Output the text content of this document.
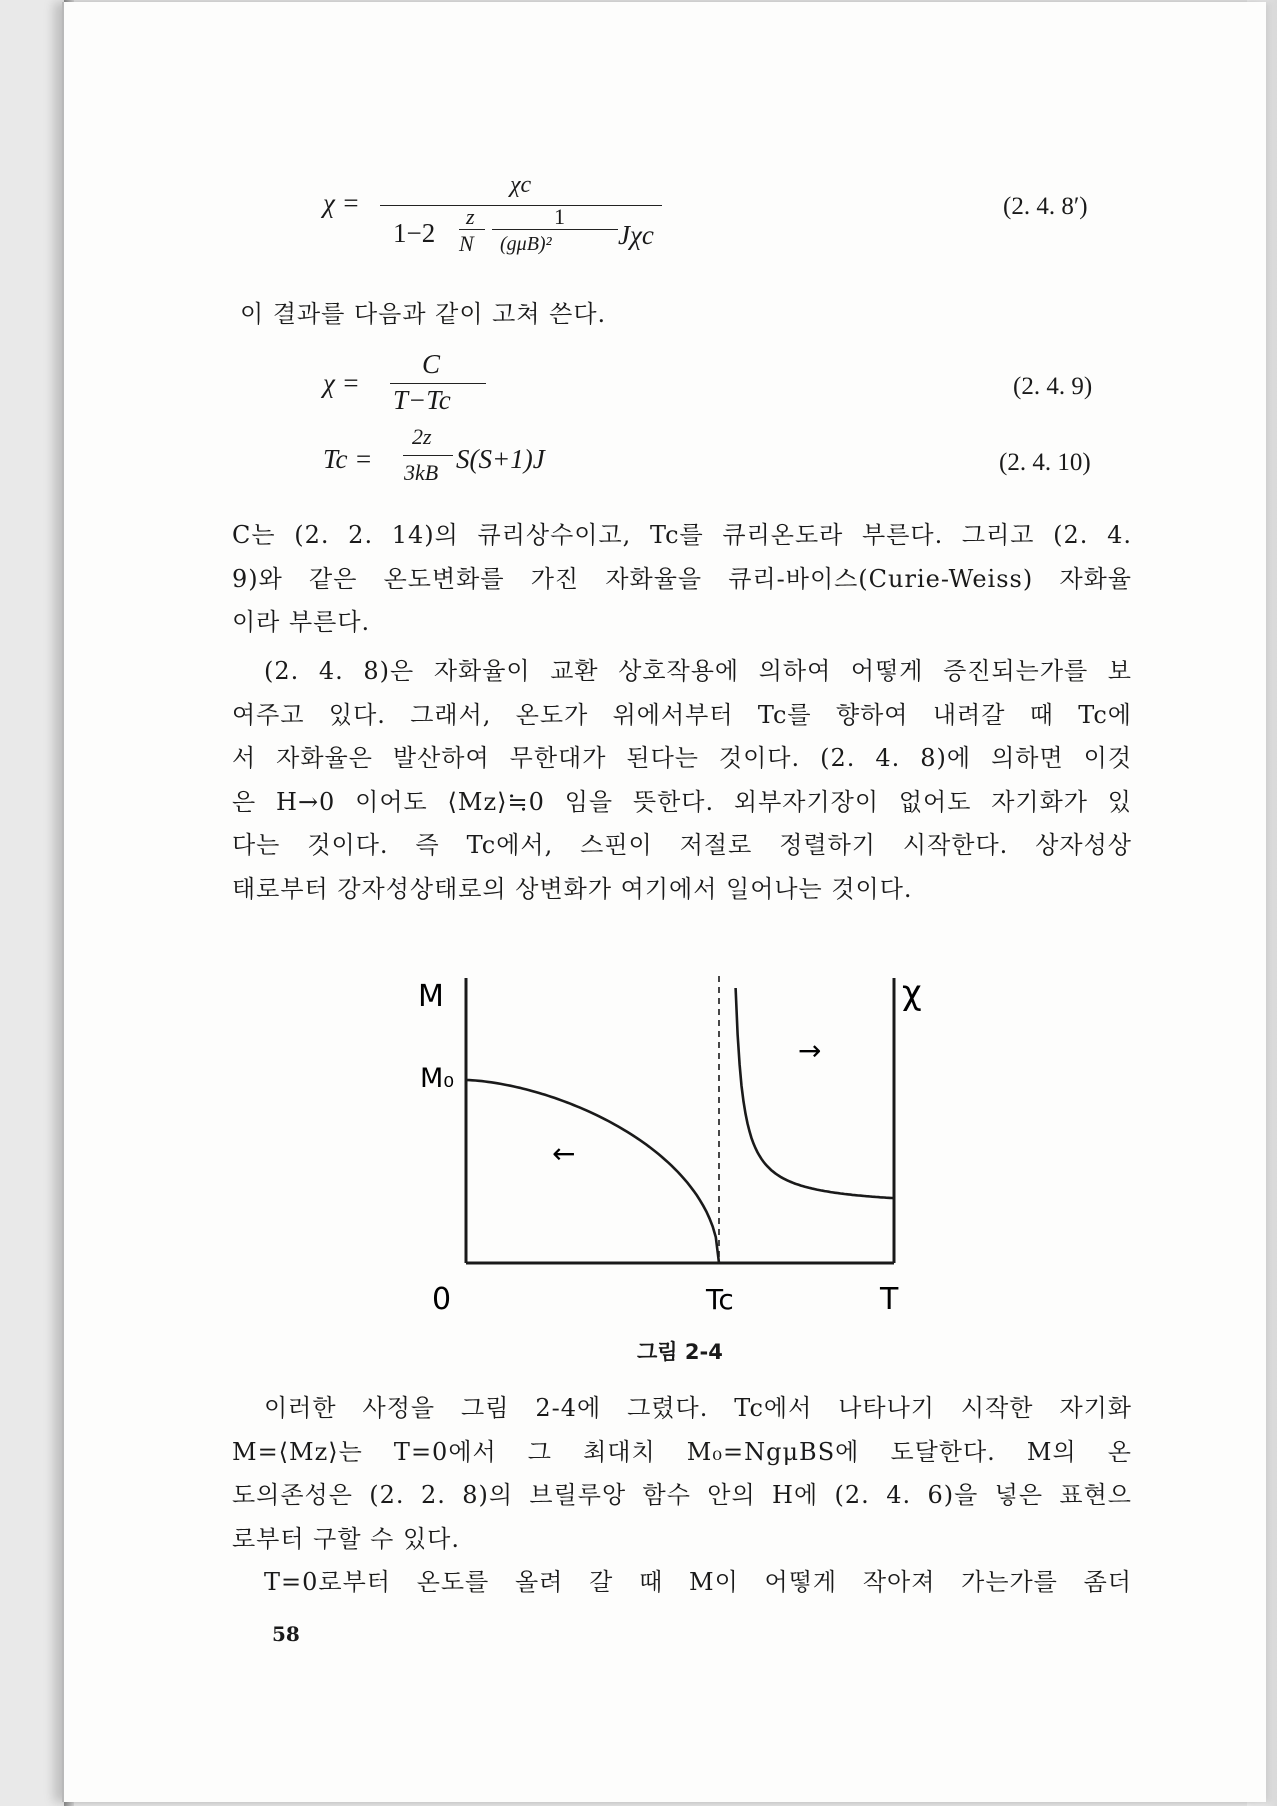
χ =
χc
1−2
z
N
1
(gμB)² Jχc
(2. 4. 8′)
이 결과를 다음과 같이 고쳐 쓴다.
χ =
C
T−Tc	(2. 4. 9)
Tc =
2z
3kB S(S+1)J	(2. 4. 10)
C는 (2. 2. 14)의 큐리상수이고, Tc를 큐리온도라 부른다. 그리고 (2. 4.
9)와 같은 온도변화를 가진 자화율을 큐리-바이스(Curie-Weiss) 자화율
이라 부른다.
(2. 4. 8)은 자화율이 교환 상호작용에 의하여 어떻게 증진되는가를 보
여주고 있다. 그래서, 온도가 위에서부터 Tc를 향하여 내려갈 때 Tc에
서 자화율은 발산하여 무한대가 된다는 것이다. (2. 4. 8)에 의하면 이것
은 H→0 이어도 ⟨Mz⟩≒0 임을 뜻한다. 외부자기장이 없어도 자기화가 있
다는 것이다. 즉 Tc에서, 스핀이 저절로 정렬하기 시작한다. 상자성상
태로부터 강자성상태로의 상변화가 여기에서 일어나는 것이다.
M
M₀
χ
0	Tc	T
←
→
그림 2-4
이러한 사정을 그림 2-4에 그렸다. Tc에서 나타나기 시작한 자기화
M=⟨Mz⟩는 T=0에서 그 최대치 M₀=NgμBS에 도달한다. M의 온
도의존성은 (2. 2. 8)의 브릴루앙 함수 안의 H에 (2. 4. 6)을 넣은 표현으
로부터 구할 수 있다.
T=0로부터 온도를 올려 갈 때 M이 어떻게 작아져 가는가를 좀더
58
